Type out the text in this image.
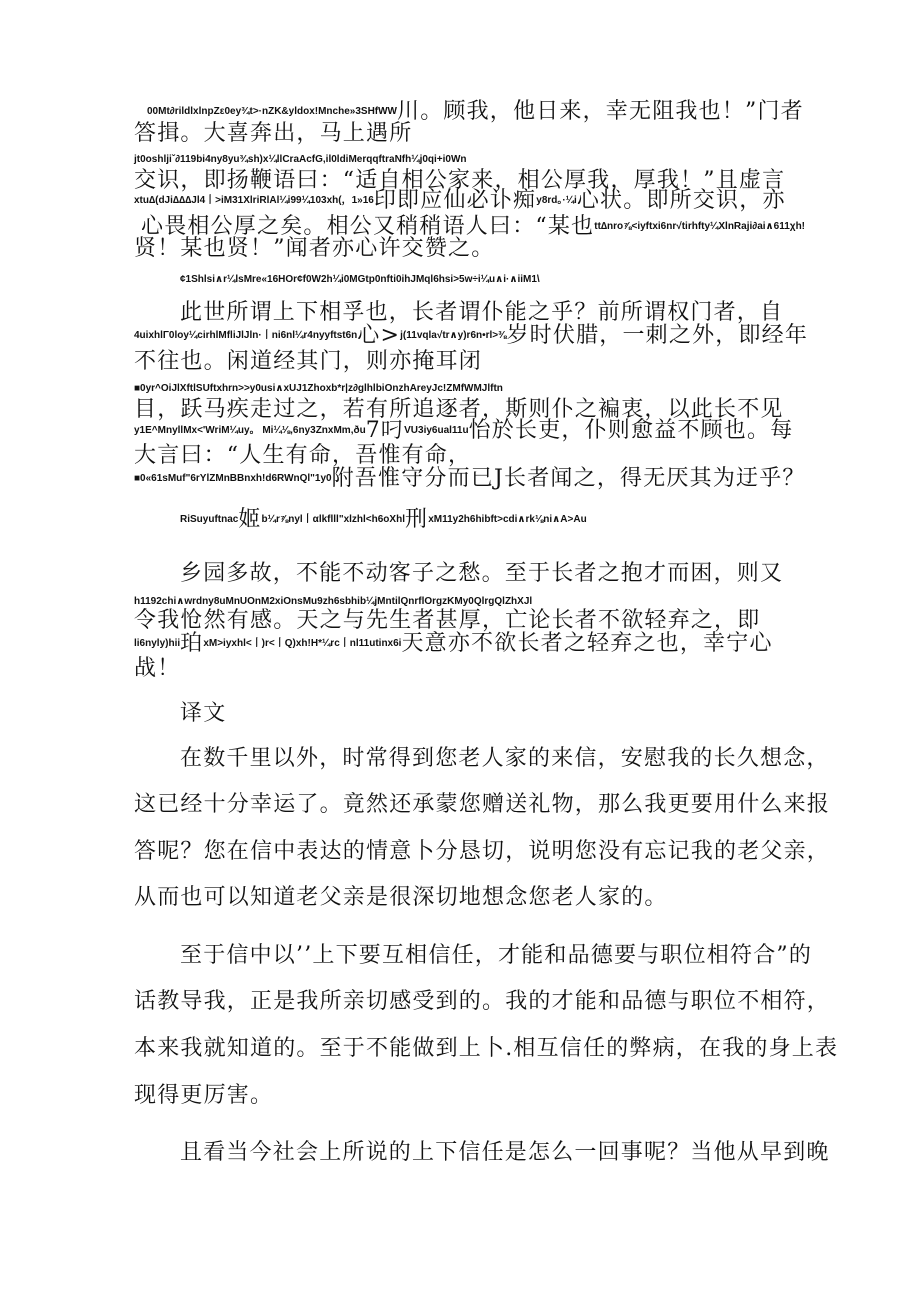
$^{00Mt\partial rildlxlnpZ\varepsilon 0ey\frac{3}{4}t>\cdot nZK\&yldox!Mnche»3SHfWW}$川。顾我，他日来，幸无阻我也！”门者
答揖。大喜奔出，马上遇所
jt0oshljiˇ∂119bi4ny8yu¾sh)x¼llCraAcfG,il0ldiMerqqftraNfh¼j0qi+i0Wn
交识，即扬鞭语曰：“适自相公家来，相公厚我，厚我！”且虚言
$^{xtu\Delta(dJi\Delta\Delta\Delta Jl4丨>iM31XlriRlAl\frac{1}{4}i99\frac{1}{4}103xh(,1»16}$印即应仙必讣痴$^{y8rd。\cdot\frac{1}{4}i}$心状。即所交识，亦
心畏相公厚之矣。相公又稍稍语人曰：“某也$^{tt\Delta nro\frac{7}{8}<iyftxi6nr√tirhfty\frac{1}{4}XlnRaji\partial ai\wedge 611\chi h!}$
贤！某也贤！”闻者亦心许交赞之。
¢1Shlsi∧r¼lsMre«16HOr¢f0W2h¼i0MGtp0nfti0ihJMql6hsi>5w÷i¼u∧i·∧iiM1\
此世所谓上下相孚也，长者谓仆能之乎？前所谓权门者，自
$^{4uixhl\Gamma 0loy\frac{1}{4}cirhlMfliJlJln\cdot 丨ni6nl\frac{1}{4}r4nyyftst6n}$心>$^{j(11vqla√tr\wedge y)r6n•rl>\frac{3}{8}}$岁时伏腊，一刺之外，即经年
不往也。闲道经其门，则亦掩耳闭
■0yr^OiJlXftlSUftxhrn>>y0usi∧xUJ1Zhoxb*r|z∂glhlbiOnzhAreyJc!ZMfWMJlftn
目，跃马疾走过之，若有所追逐者，斯则仆之褊衷，以此长不见
$^{y1E\^{}MnyllMx<'WriM\frac{1}{4}uy。 Mi\frac{1}{4}\frac{1}{8},6ny3ZnxMm,ðu}$7叼$^{VU3iy6ual11u}$怡於长吏，仆则愈益不顾也。每
大言曰：“人生有命，吾惟有命，
$^{■0«61sMuf"6rYlZMnBBnxh!d6RWnQl"1y0}$附吾惟守分而已J长者闻之，得无厌其为迂乎？
$^{RiSuyuftnac}$姬$^{b\frac{1}{4}r\frac{7}{8}nyl丨\alpha lkflll"xlzhl<h6oXhl}$刑$^{xM11y2h6hibft>cdi\wedge rk\frac{1}{8}ni\wedge A>Au}$
乡园多故，不能不动客子之愁。至于长者之抱才而困，则又
h1192chi∧wrdny8uMnUOnM2xiOnsMu9zh6sbhib¼jMntilQnrflOrgzKMy0QlrgQlZhXJl
令我怆然有感。天之与先生者甚厚，亡论长者不欲轻弃之，即
$^{li6nyly)hii}$珀$^{xM>iyxhl<丨)r<丨Q)xh!H*\frac{1}{4}rc丨nl11utinx6i}$天意亦不欲长者之轻弃之也，幸宁心
战！
译文
在数千里以外，时常得到您老人家的来信，安慰我的长久想念，
这已经十分幸运了。竟然还承蒙您赠送礼物，那么我更要用什么来报
答呢？您在信中表达的情意卜分恳切，说明您没有忘记我的老父亲，
从而也可以知道老父亲是很深切地想念您老人家的。
至于信中以’’上下要互相信任，才能和品德要与职位相符合”的
话教导我，正是我所亲切感受到的。我的才能和品德与职位不相符，
本来我就知道的。至于不能做到上卜.相互信任的弊病，在我的身上表
现得更厉害。
且看当今社会上所说的上下信任是怎么一回事呢？当他从早到晚
